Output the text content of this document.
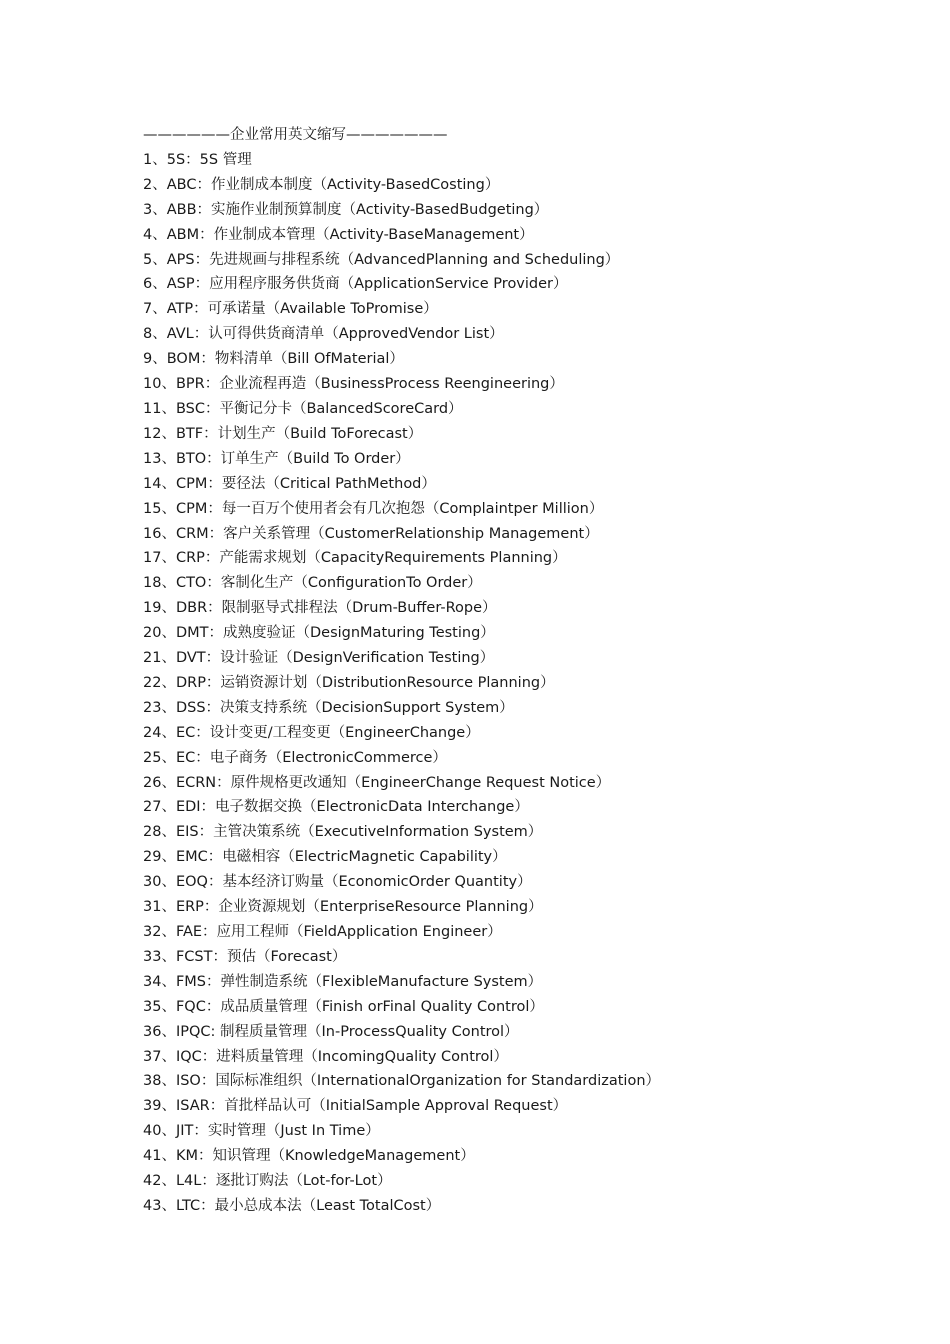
——————企业常用英文缩写———————
1、5S：5S 管理
2、ABC：作业制成本制度（Activity-BasedCosting）
3、ABB：实施作业制预算制度（Activity-BasedBudgeting）
4、ABM：作业制成本管理（Activity-BaseManagement）
5、APS：先进规画与排程系统（AdvancedPlanning and Scheduling）
6、ASP：应用程序服务供货商（ApplicationService Provider）
7、ATP：可承诺量（Available ToPromise）
8、AVL：认可得供货商清单（ApprovedVendor List）
9、BOM：物料清单（Bill OfMaterial）
10、BPR：企业流程再造（BusinessProcess Reengineering）
11、BSC：平衡记分卡（BalancedScoreCard）
12、BTF：计划生产（Build ToForecast）
13、BTO：订单生产（Build To Order）
14、CPM：要径法（Critical PathMethod）
15、CPM：每一百万个使用者会有几次抱怨（Complaintper Million）
16、CRM：客户关系管理（CustomerRelationship Management）
17、CRP：产能需求规划（CapacityRequirements Planning）
18、CTO：客制化生产（ConfigurationTo Order）
19、DBR：限制驱导式排程法（Drum-Buffer-Rope）
20、DMT：成熟度验证（DesignMaturing Testing）
21、DVT：设计验证（DesignVerification Testing）
22、DRP：运销资源计划（DistributionResource Planning）
23、DSS：决策支持系统（DecisionSupport System）
24、EC：设计变更/工程变更（EngineerChange）
25、EC：电子商务（ElectronicCommerce）
26、ECRN：原件规格更改通知（EngineerChange Request Notice）
27、EDI：电子数据交换（ElectronicData Interchange）
28、EIS：主管决策系统（ExecutiveInformation System）
29、EMC：电磁相容（ElectricMagnetic Capability）
30、EOQ：基本经济订购量（EconomicOrder Quantity）
31、ERP：企业资源规划（EnterpriseResource Planning）
32、FAE：应用工程师（FieldApplication Engineer）
33、FCST：预估（Forecast）
34、FMS：弹性制造系统（FlexibleManufacture System）
35、FQC：成品质量管理（Finish orFinal Quality Control）
36、IPQC: 制程质量管理（In-ProcessQuality Control）
37、IQC：进料质量管理（IncomingQuality Control）
38、ISO：国际标准组织（InternationalOrganization for Standardization）
39、ISAR：首批样品认可（InitialSample Approval Request）
40、JIT：实时管理（Just In Time）
41、KM：知识管理（KnowledgeManagement）
42、L4L：逐批订购法（Lot-for-Lot）
43、LTC：最小总成本法（Least TotalCost）
